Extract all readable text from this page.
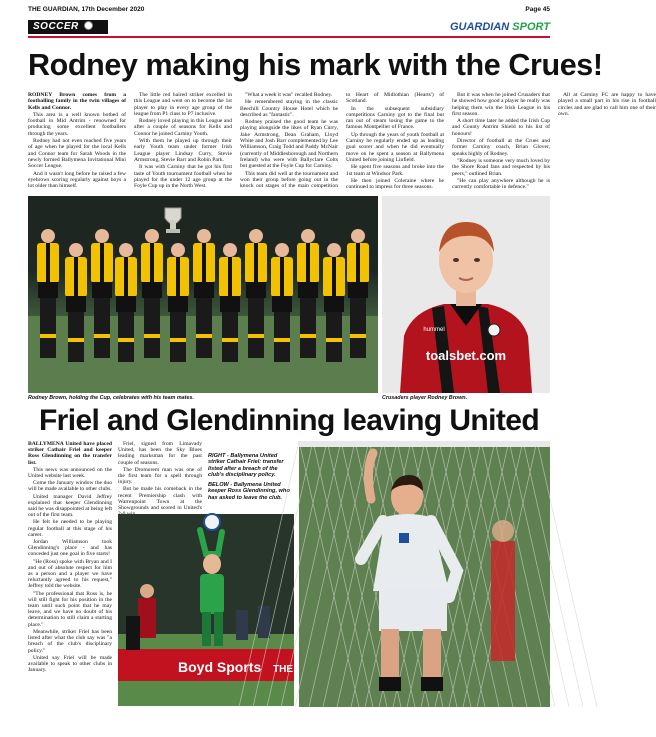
THE GUARDIAN, 17th December 2020	Page 45
SOCCER	GUARDIAN SPORT
Rodney making his mark with the Crues!

RODNEY Brown comes from a footballing family in the twin villages of Kells and Connor.

This area is a well known hotbed of football in Mid Antrim - renowned for producing some excellent footballers through the years.

Rodney had not even reached five years of age when he played for the local Kells and Connor team for Sarah Woods in the newly formed Ballymena Invitational Mini Soccer League.

And it wasn't long before he raised a few eyebrows scoring regularly against boys a lot older than himself.

The little red haired striker excelled in this League and went on to become the 1st player to play in every age group of the league from P1 class to P7 inclusive.

Rodney loved playing in this League and after a couple of seasons for Kells and Connor he joined Carniny Youth.

With them he played up through their early Youth team under former Irish League player Lindsay Curry, Stevie Armstrong, Stevie Barr and Robin Park.

It was with Carniny that he got his first taste of Youth tournament football when he played for the under 12 age group at the Foyle Cup up in the North West.

"What a week it was" recalled Rodney.

He remembered staying in the classic Beechill Country House Hotel which he described as "fantastic".

Rodney praised the good team he was playing alongside the likes of Ryan Curry, Jake Armstrong, Dean Graham, Lloyd White and Josh Barr complemented by Lee Williamson, Craig Todd and Paddy McNair (currently of Middlesborough and Northern Ireland) who were with Ballyclare Colts but guested at the Foyle Cup for Carniny.

This team did well at the tournament and won their group before going out in the knock out stages of the main competition to Heart of Midlothian (Hearts') of Scotland.

In the subsequent subsidiary competitions Carniny got to the final but ran out of steam losing the game to the famous Montpellier of France.

Up through the years of youth football at Carniny he regularly ended up as leading goal scorer and when he did eventually move on he spent a season at Ballymena United before joining Linfield.

He spent five seasons and broke into the 1st team at Windsor Park.

He then joined Coleraine where he continued to impress for three seasons.

But it was when he joined Crusaders that he showed how good a player he really was helping them win the Irish League in his first season.

A short time later he added the Irish Cup and County Antrim Shield to his list of honours!

Director of football at the Crues and former Carniny coach, Brian Glover, speaks highly of Rodney.

"Rodney is someone very much loved by the Shore Road fans and respected by his peers," outlined Brian.

"He can play anywhere although he is currently comfortable in defence."

All at Carniny FC are happy to have played a small part in his rise in football circles and are glad to call him one of their own.

toalsbet.com
hummel
Rodney Brown, holding the Cup, celebrates with his team mates.	Crusaders player Rodney Brown.
Friel and Glendinning leaving United

BALLYMENA United have placed striker Cathair Friel and keeper Ross Glendinning on the transfer list.

This news was announced on the United website last week.

Come the January window the duo will be made available to other clubs.

United manager David Jeffrey explained that keeper Glendinning said he was disappointed at being left out of the first team.

He felt he needed to be playing regular football at this stage of his career.

Jordan Williamson took Glendinning's place - and has conceded just one goal in five starts!

"He (Ross) spoke with Bryan and I and out of absolute respect for him as a person and a player we have reluctantly agreed to his request," Jeffrey told the website.

"The professional that Ross is, he will still fight for his position in the team until such point that he may leave, and we have no doubt of his determination to still claim a starting place."

Meanwhile, striker Friel has been listed after what the club say was "a breach of the club's disciplinary policy."

United say Friel will be made available to speak to other clubs in January.

Friel, signed from Limavady United, has been the Sky Blues leading marksman for the past couple of seasons.

The Dromorem man was one of the first team for a spell through injury.

But he made his comeback in the recent Premiership clash with Warrenpoint Town at the Showgrounds and scored in United's

RIGHT - Ballymena United striker Cathair Friel: transfer listed after a breach of the club's disciplinary policy.

BELOW - Ballymena United keeper Ross Glendinning, who has asked to leave the club.

Boyd Sports THE
